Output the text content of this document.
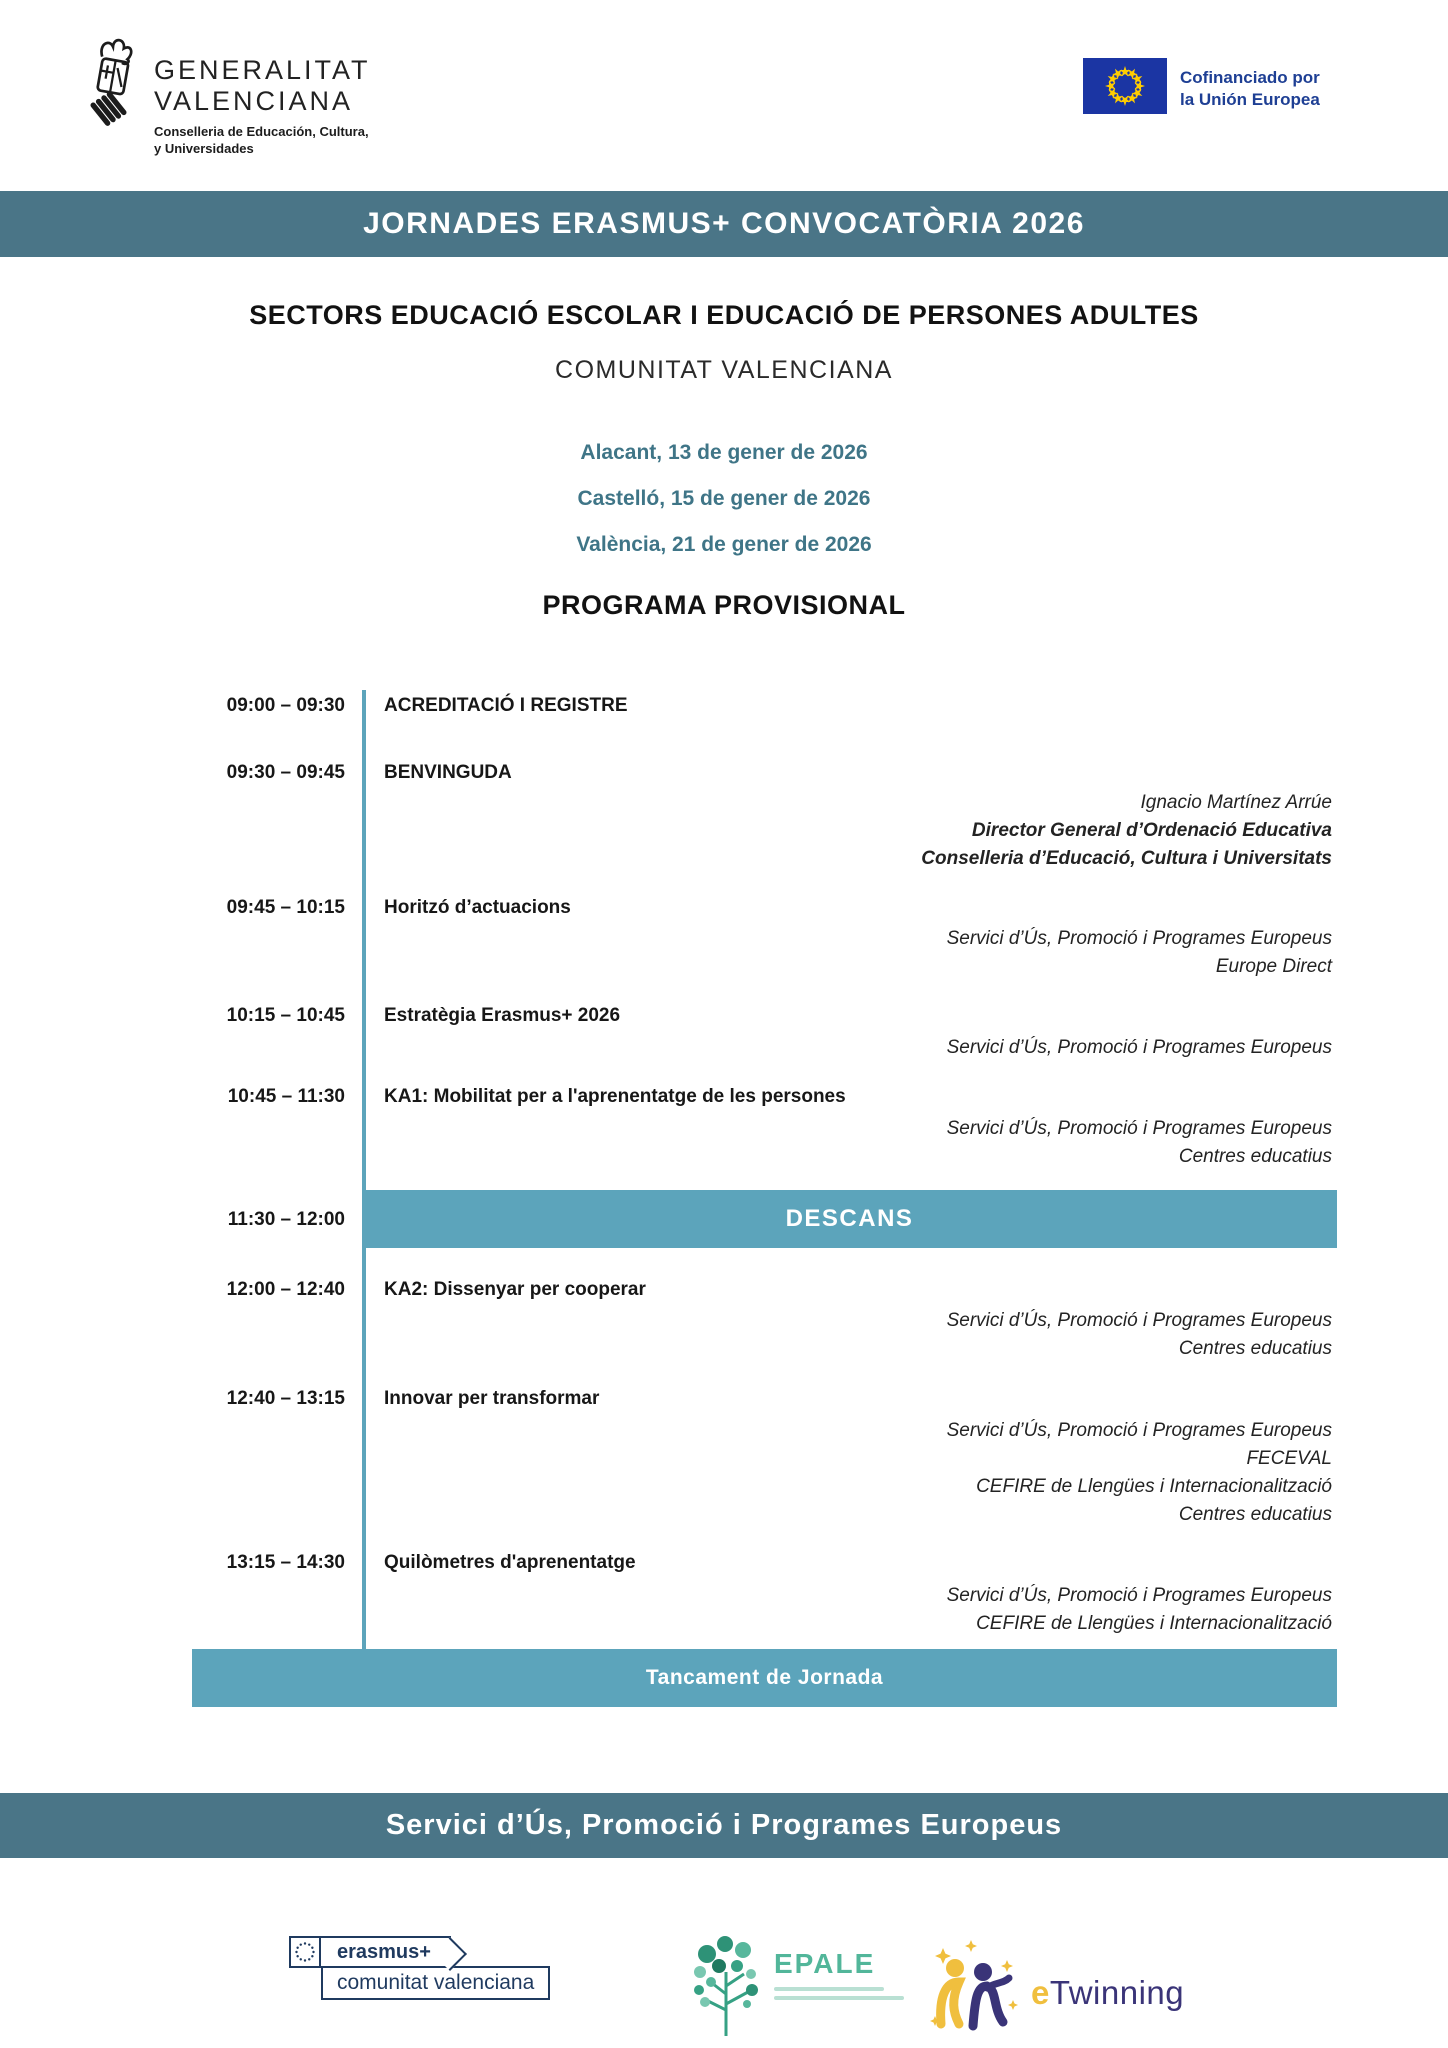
GENERALITAT
VALENCIANA
Conselleria de Educación, Cultura,
y Universidades
Cofinanciado por
la Unión Europea
JORNADES ERASMUS+ CONVOCATÒRIA 2026
SECTORS EDUCACIÓ ESCOLAR I EDUCACIÓ DE PERSONES ADULTES
COMUNITAT VALENCIANA
Alacant, 13 de gener de 2026
Castelló, 15 de gener de 2026
València, 21 de gener de 2026
PROGRAMA PROVISIONAL
09:00 – 09:30 ACREDITACIÓ I REGISTRE
09:30 – 09:45 BENVINGUDA
Ignacio Martínez Arrúe
Director General d’Ordenació Educativa
Conselleria d’Educació, Cultura i Universitats
09:45 – 10:15 Horitzó d’actuacions
Servici d’Ús, Promoció i Programes Europeus
Europe Direct
10:15 – 10:45 Estratègia Erasmus+ 2026
Servici d’Ús, Promoció i Programes Europeus
10:45 – 11:30 KA1: Mobilitat per a l'aprenentatge de les persones
Servici d’Ús, Promoció i Programes Europeus
Centres educatius
11:30 – 12:00	DESCANS
12:00 – 12:40 KA2: Dissenyar per cooperar
Servici d’Ús, Promoció i Programes Europeus
Centres educatius
12:40 – 13:15 Innovar per transformar
Servici d’Ús, Promoció i Programes Europeus
FECEVAL
CEFIRE de Llengües i Internacionalització
Centres educatius
13:15 – 14:30 Quilòmetres d'aprenentatge
Servici d’Ús, Promoció i Programes Europeus
CEFIRE de Llengües i Internacionalització
Tancament de Jornada
Servici d’Ús, Promoció i Programes Europeus
erasmus+
comunitat valenciana
EPALE
eTwinning
